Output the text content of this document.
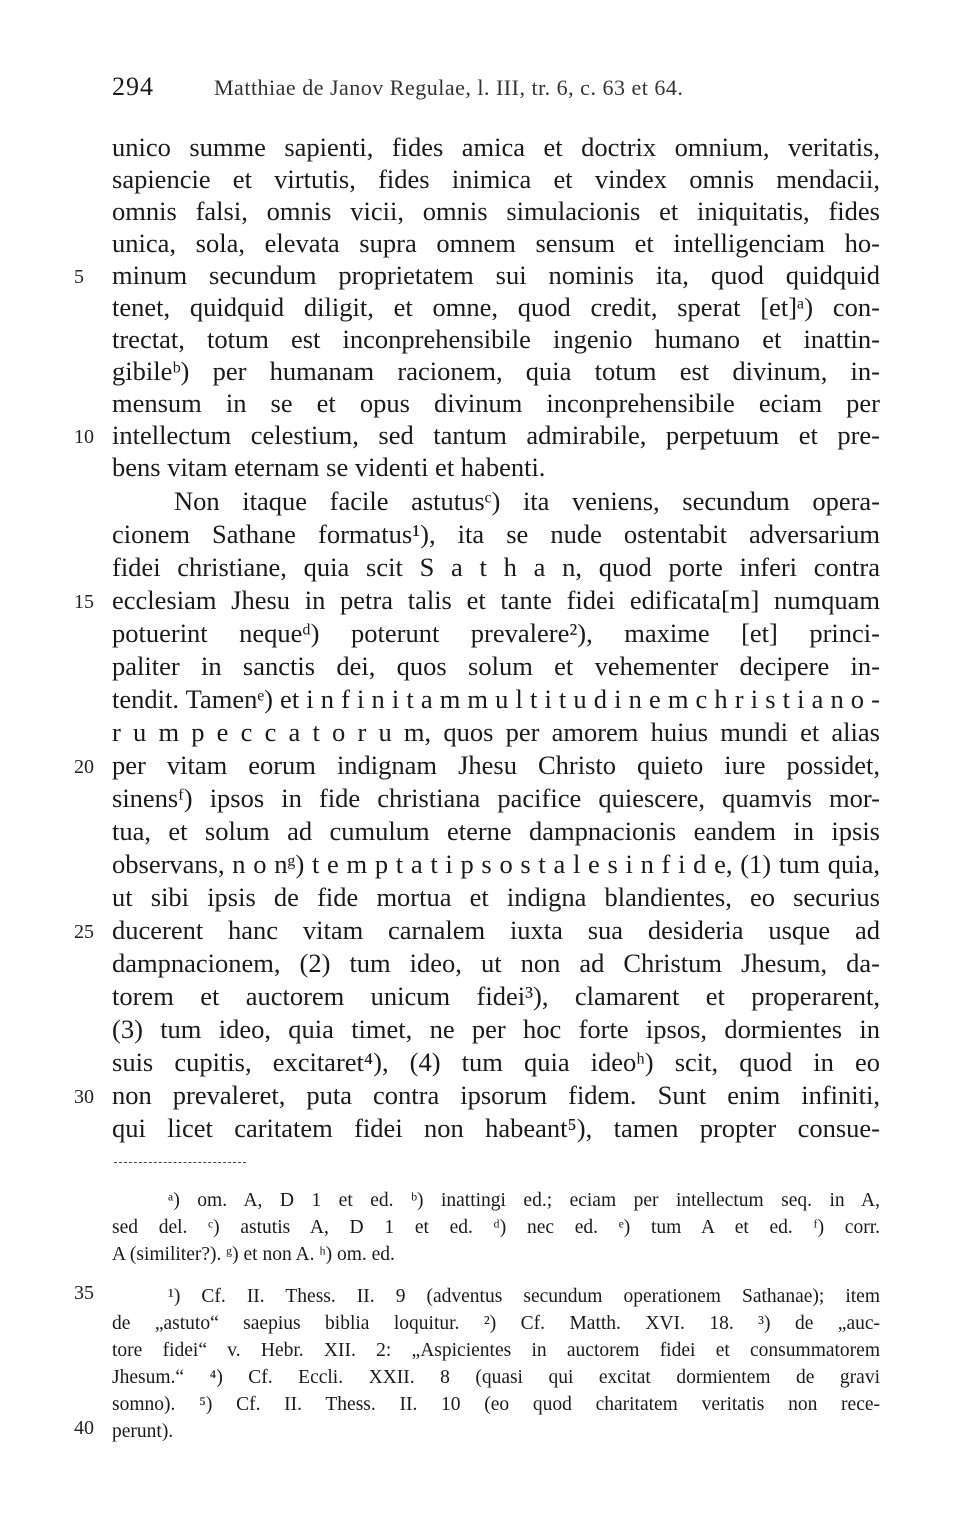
294	Matthiae de Janov Regulae, l. III, tr. 6, c. 63 et 64.
unico summe sapienti, fides amica et doctrix omnium, veritatis,
sapiencie et virtutis, fides inimica et vindex omnis mendacii,
omnis falsi, omnis vicii, omnis simulacionis et iniquitatis, fides
unica, sola, elevata supra omnem sensum et intelligenciam ho-
minum secundum proprietatem sui nominis ita, quod quidquid
tenet, quidquid diligit, et omne, quod credit, sperat [et]ᵃ) con-
trectat, totum est inconprehensibile ingenio humano et inattin-
gibileᵇ) per humanam racionem, quia totum est divinum, in-
mensum in se et opus divinum inconprehensibile eciam per
intellectum celestium, sed tantum admirabile, perpetuum et pre-
bens vitam eternam se videnti et habenti.
Non itaque facile astutusᶜ) ita veniens, secundum opera-
cionem Sathane formatus¹), ita se nude ostentabit adversarium
fidei christiane, quia scit S a t h a n, quod porte inferi contra
ecclesiam Jhesu in petra talis et tante fidei edificata[m] numquam
potuerint nequeᵈ) poterunt prevalere²), maxime [et] princi-
paliter in sanctis dei, quos solum et vehementer decipere in-
tendit. Tamenᵉ) et i n f i n i t a m m u l t i t u d i n e m c h r i s t i a n o -
r u m p e c c a t o r u m, quos per amorem huius mundi et alias
per vitam eorum indignam Jhesu Christo quieto iure possidet,
sinensᶠ) ipsos in fide christiana pacifice quiescere, quamvis mor-
tua, et solum ad cumulum eterne dampnacionis eandem in ipsis
observans, n o nᵍ) t e m p t a t i p s o s t a l e s i n f i d e, (1) tum quia,
ut sibi ipsis de fide mortua et indigna blandientes, eo securius
ducerent hanc vitam carnalem iuxta sua desideria usque ad
dampnacionem, (2) tum ideo, ut non ad Christum Jhesum, da-
torem et auctorem unicum fidei³), clamarent et properarent,
(3) tum ideo, quia timet, ne per hoc forte ipsos, dormientes in
suis cupitis, excitaret⁴), (4) tum quia ideoʰ) scit, quod in eo
non prevaleret, puta contra ipsorum fidem. Sunt enim infiniti,
qui licet caritatem fidei non habeant⁵), tamen propter consue-
5
10
15
20
25
30
ᵃ) om. A, D 1 et ed. ᵇ) inattingi ed.; eciam per intellectum seq. in A,
sed del. ᶜ) astutis A, D 1 et ed. ᵈ) nec ed. ᵉ) tum A et ed. ᶠ) corr.
A (similiter?). ᵍ) et non A. ʰ) om. ed.
¹) Cf. II. Thess. II. 9 (adventus secundum operationem Sathanae); item
de „astuto“ saepius biblia loquitur. ²) Cf. Matth. XVI. 18. ³) de „auc-
tore fidei“ v. Hebr. XII. 2: „Aspicientes in auctorem fidei et consummatorem
Jhesum.“ ⁴) Cf. Eccli. XXII. 8 (quasi qui excitat dormientem de gravi
somno). ⁵) Cf. II. Thess. II. 10 (eo quod charitatem veritatis non rece-
perunt).
35
40
